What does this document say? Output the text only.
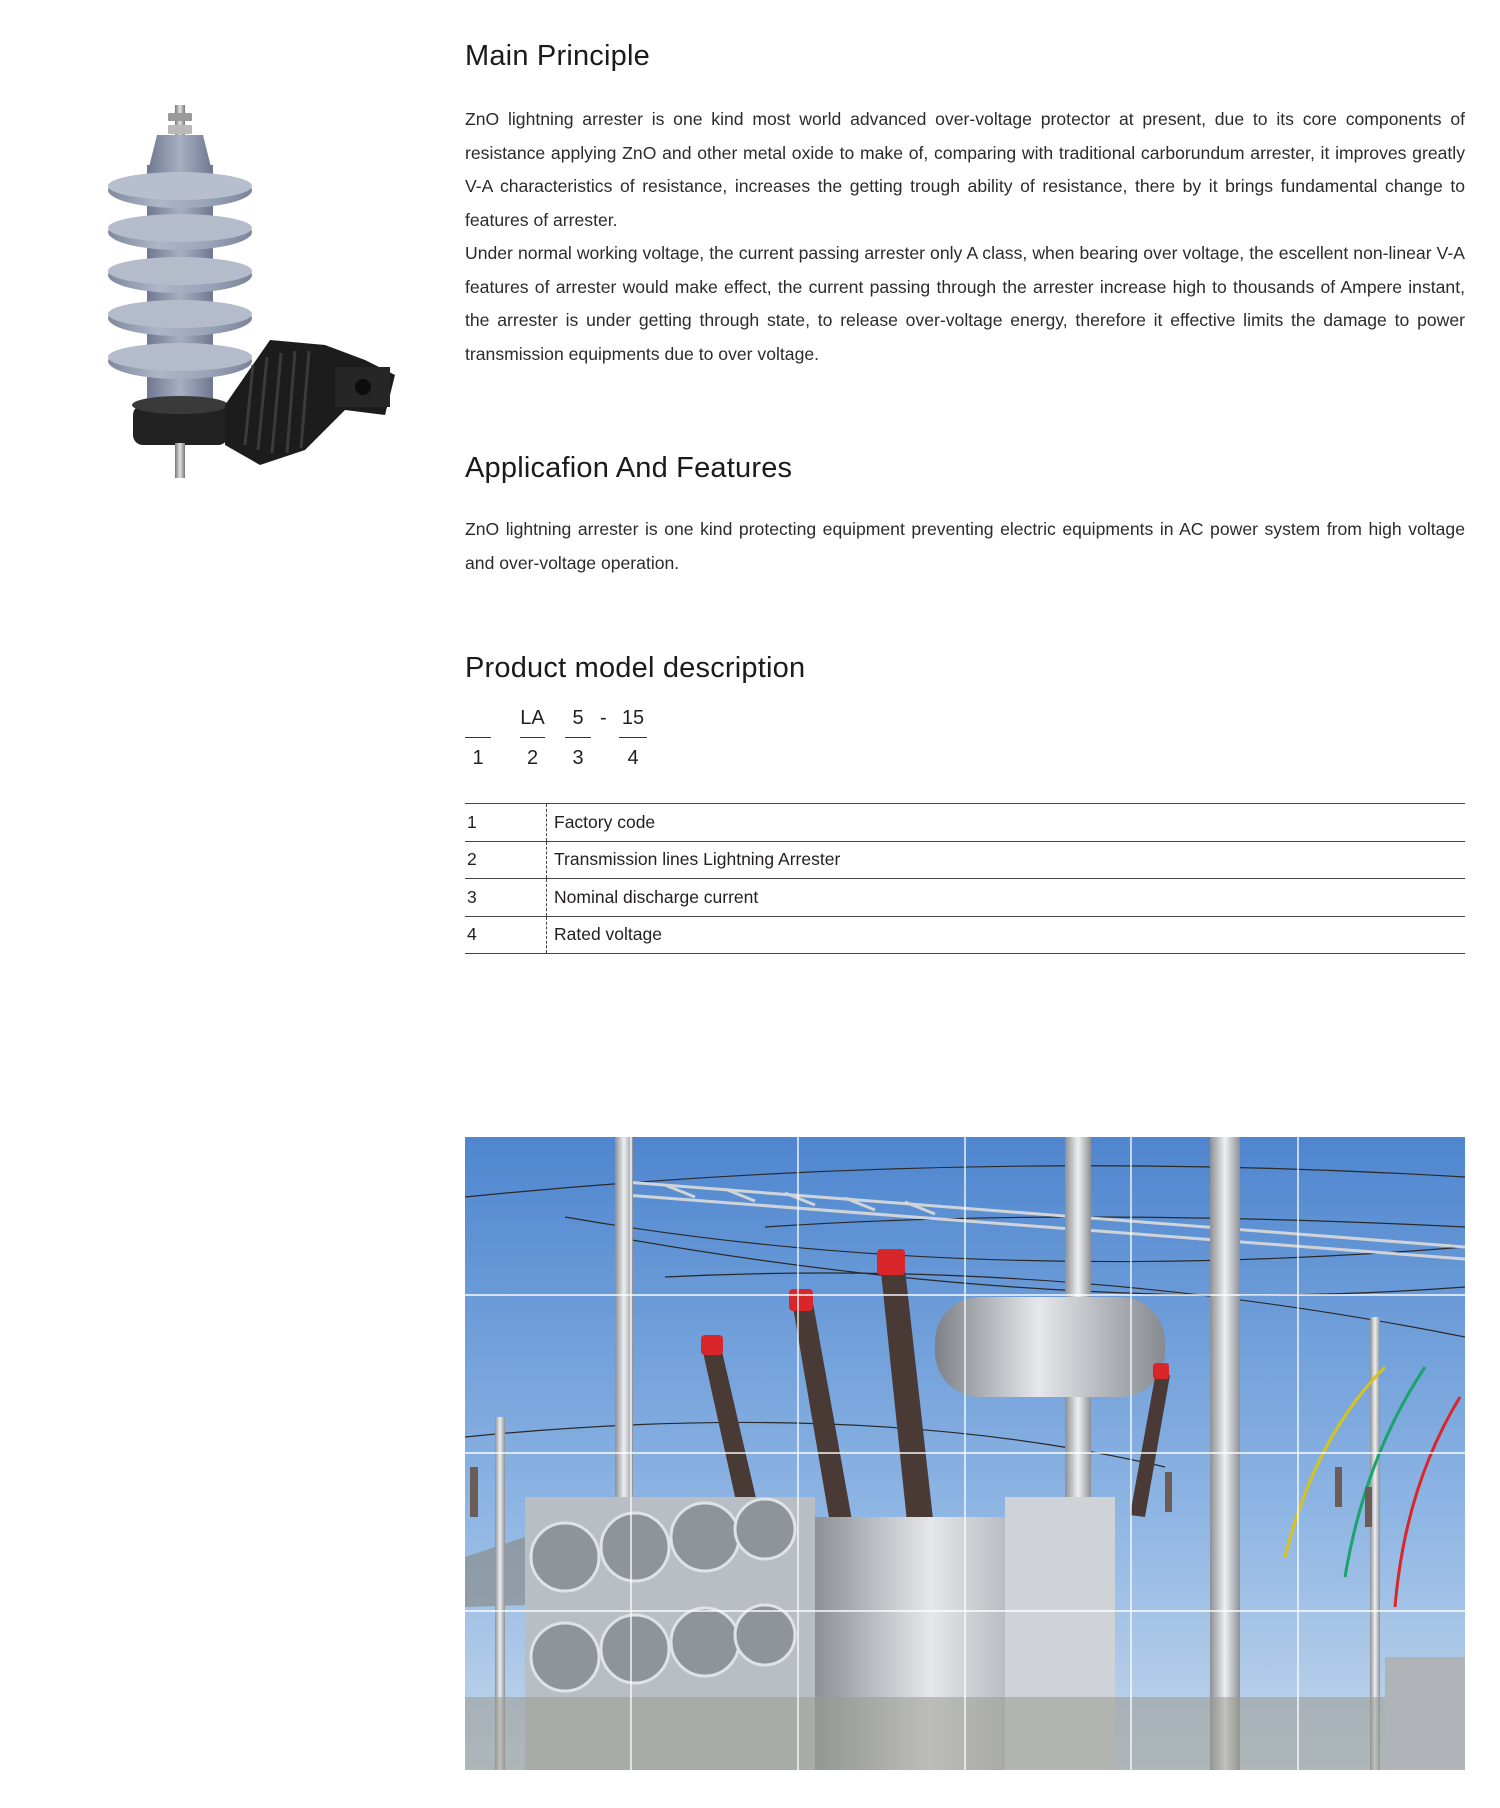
Main Principle

ZnO lightning arrester is one kind most world advanced over-voltage protector at present, due to its core components of resistance applying ZnO and other metal oxide to make of, comparing with traditional carborundum arrester, it improves greatly V-A characteristics of resistance, increases the getting trough ability of resistance, there by it brings fundamental change to features of arrester.

Under normal working voltage, the current passing arrester only A class, when bearing over voltage, the escellent non-linear V-A features of arrester would make effect, the current passing through the arrester increase high to thousands of Ampere instant, the arrester is under getting through state, to release over-voltage energy, therefore it effective limits the damage to power transmission equipments due to over voltage.

Applicafion And Features

ZnO lightning arrester is one kind protecting equipment preventing electric equipments in AC power system from high voltage and over-voltage operation.

Product model description
1
LA
2
5
3
- 15
4
1	Factory code
2	Transmission lines Lightning Arrester
3	Nominal discharge current
4	Rated voltage
